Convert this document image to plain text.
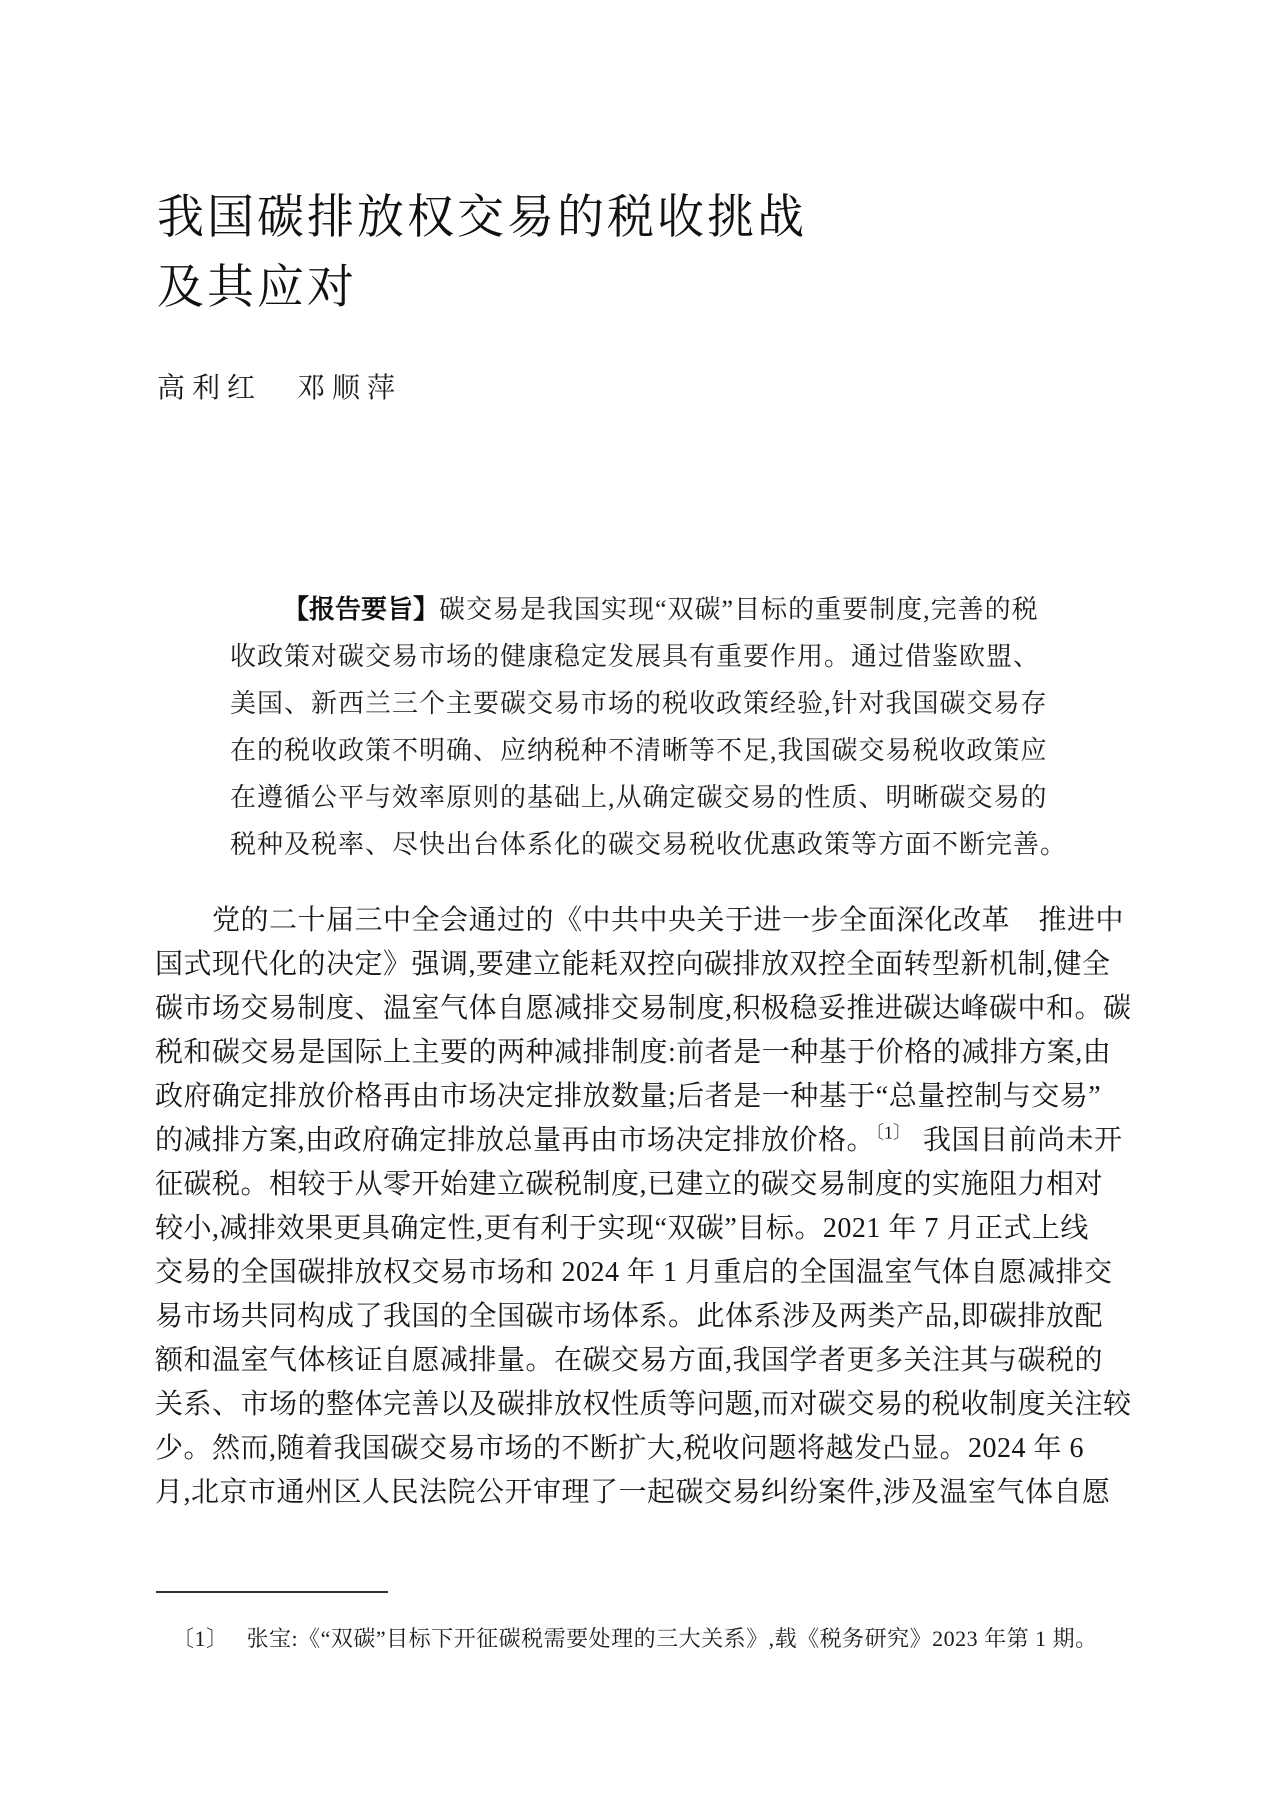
我国碳排放权交易的税收挑战
及其应对
高利红　邓顺萍
【报告要旨】碳交易是我国实现“双碳”目标的重要制度,完善的税
收政策对碳交易市场的健康稳定发展具有重要作用。通过借鉴欧盟、
美国、新西兰三个主要碳交易市场的税收政策经验,针对我国碳交易存
在的税收政策不明确、应纳税种不清晰等不足,我国碳交易税收政策应
在遵循公平与效率原则的基础上,从确定碳交易的性质、明晰碳交易的
税种及税率、尽快出台体系化的碳交易税收优惠政策等方面不断完善。
党的二十届三中全会通过的《中共中央关于进一步全面深化改革　推进中
国式现代化的决定》强调,要建立能耗双控向碳排放双控全面转型新机制,健全
碳市场交易制度、温室气体自愿减排交易制度,积极稳妥推进碳达峰碳中和。碳
税和碳交易是国际上主要的两种减排制度:前者是一种基于价格的减排方案,由
政府确定排放价格再由市场决定排放数量;后者是一种基于“总量控制与交易”
的减排方案,由政府确定排放总量再由市场决定排放价格。$^{〔1〕}$ 我国目前尚未开
征碳税。相较于从零开始建立碳税制度,已建立的碳交易制度的实施阻力相对
较小,减排效果更具确定性,更有利于实现“双碳”目标。2021 年 7 月正式上线
交易的全国碳排放权交易市场和 2024 年 1 月重启的全国温室气体自愿减排交
易市场共同构成了我国的全国碳市场体系。此体系涉及两类产品,即碳排放配
额和温室气体核证自愿减排量。在碳交易方面,我国学者更多关注其与碳税的
关系、市场的整体完善以及碳排放权性质等问题,而对碳交易的税收制度关注较
少。然而,随着我国碳交易市场的不断扩大,税收问题将越发凸显。2024 年 6
月,北京市通州区人民法院公开审理了一起碳交易纠纷案件,涉及温室气体自愿
〔1〕 张宝:《“双碳”目标下开征碳税需要处理的三大关系》,载《税务研究》2023 年第 1 期。
